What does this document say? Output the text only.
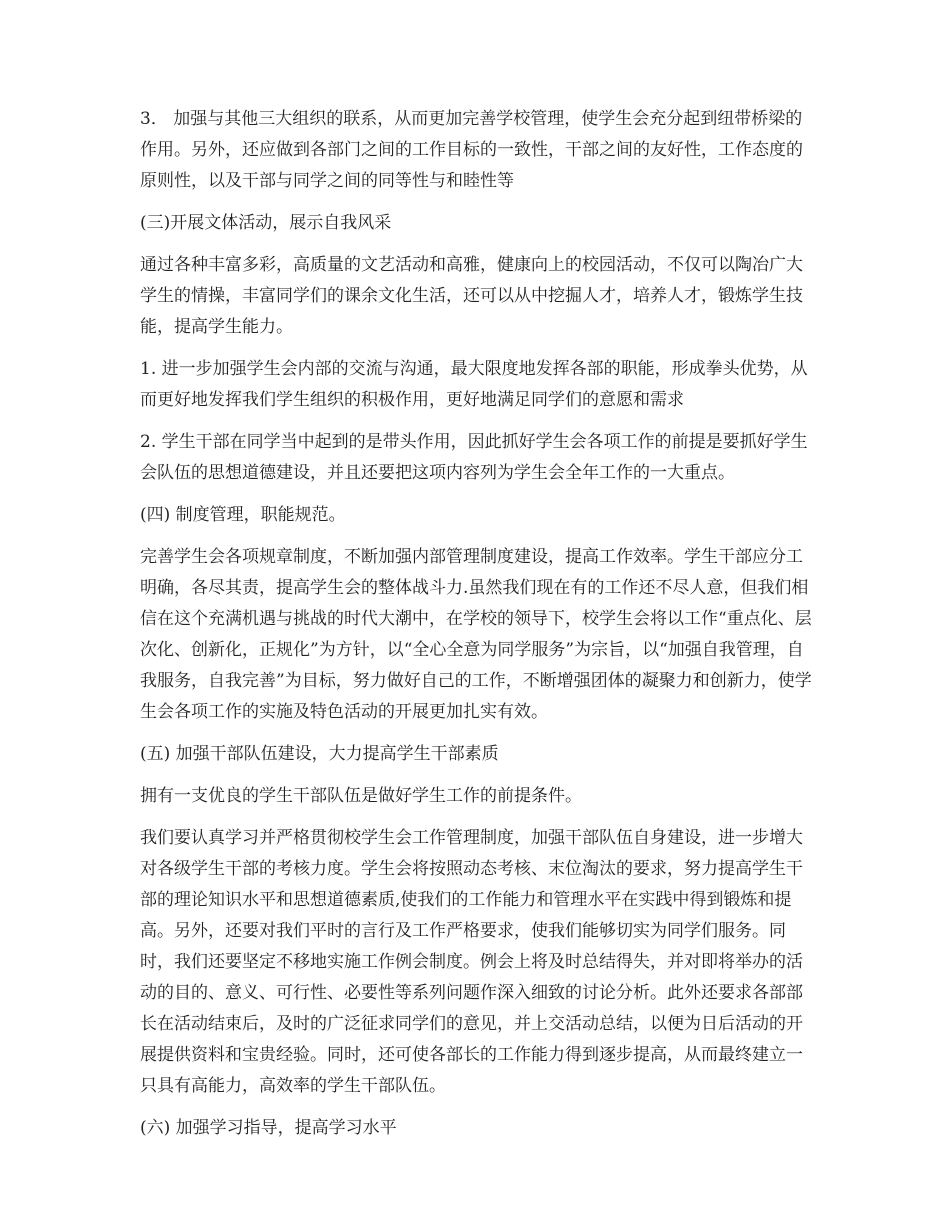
3． 加强与其他三大组织的联系，从而更加完善学校管理，使学生会充分起到纽带桥梁的作用。另外，还应做到各部门之间的工作目标的一致性，干部之间的友好性，工作态度的原则性，以及干部与同学之间的同等性与和睦性等

(三)开展文体活动，展示自我风采

通过各种丰富多彩，高质量的文艺活动和高雅，健康向上的校园活动，不仅可以陶冶广大学生的情操，丰富同学们的课余文化生活，还可以从中挖掘人才，培养人才，锻炼学生技能，提高学生能力。

1. 进一步加强学生会内部的交流与沟通，最大限度地发挥各部的职能，形成拳头优势，从而更好地发挥我们学生组织的积极作用，更好地满足同学们的意愿和需求

2. 学生干部在同学当中起到的是带头作用，因此抓好学生会各项工作的前提是要抓好学生会队伍的思想道德建设，并且还要把这项内容列为学生会全年工作的一大重点。

(四) 制度管理，职能规范。

完善学生会各项规章制度，不断加强内部管理制度建设，提高工作效率。学生干部应分工明确，各尽其责，提高学生会的整体战斗力.虽然我们现在有的工作还不尽人意，但我们相信在这个充满机遇与挑战的时代大潮中，在学校的领导下，校学生会将以工作“重点化、层次化、创新化，正规化”为方针，以“全心全意为同学服务”为宗旨，以“加强自我管理，自我服务，自我完善”为目标，努力做好自己的工作，不断增强团体的凝聚力和创新力，使学生会各项工作的实施及特色活动的开展更加扎实有效。

(五) 加强干部队伍建设，大力提高学生干部素质

拥有一支优良的学生干部队伍是做好学生工作的前提条件。

我们要认真学习并严格贯彻校学生会工作管理制度，加强干部队伍自身建设，进一步增大对各级学生干部的考核力度。学生会将按照动态考核、末位淘汰的要求，努力提高学生干部的理论知识水平和思想道德素质,使我们的工作能力和管理水平在实践中得到锻炼和提高。另外，还要对我们平时的言行及工作严格要求，使我们能够切实为同学们服务。同时，我们还要坚定不移地实施工作例会制度。例会上将及时总结得失，并对即将举办的活动的目的、意义、可行性、必要性等系列问题作深入细致的讨论分析。此外还要求各部部长在活动结束后，及时的广泛征求同学们的意见，并上交活动总结，以便为日后活动的开展提供资料和宝贵经验。同时，还可使各部长的工作能力得到逐步提高，从而最终建立一只具有高能力，高效率的学生干部队伍。

(六) 加强学习指导，提高学习水平
